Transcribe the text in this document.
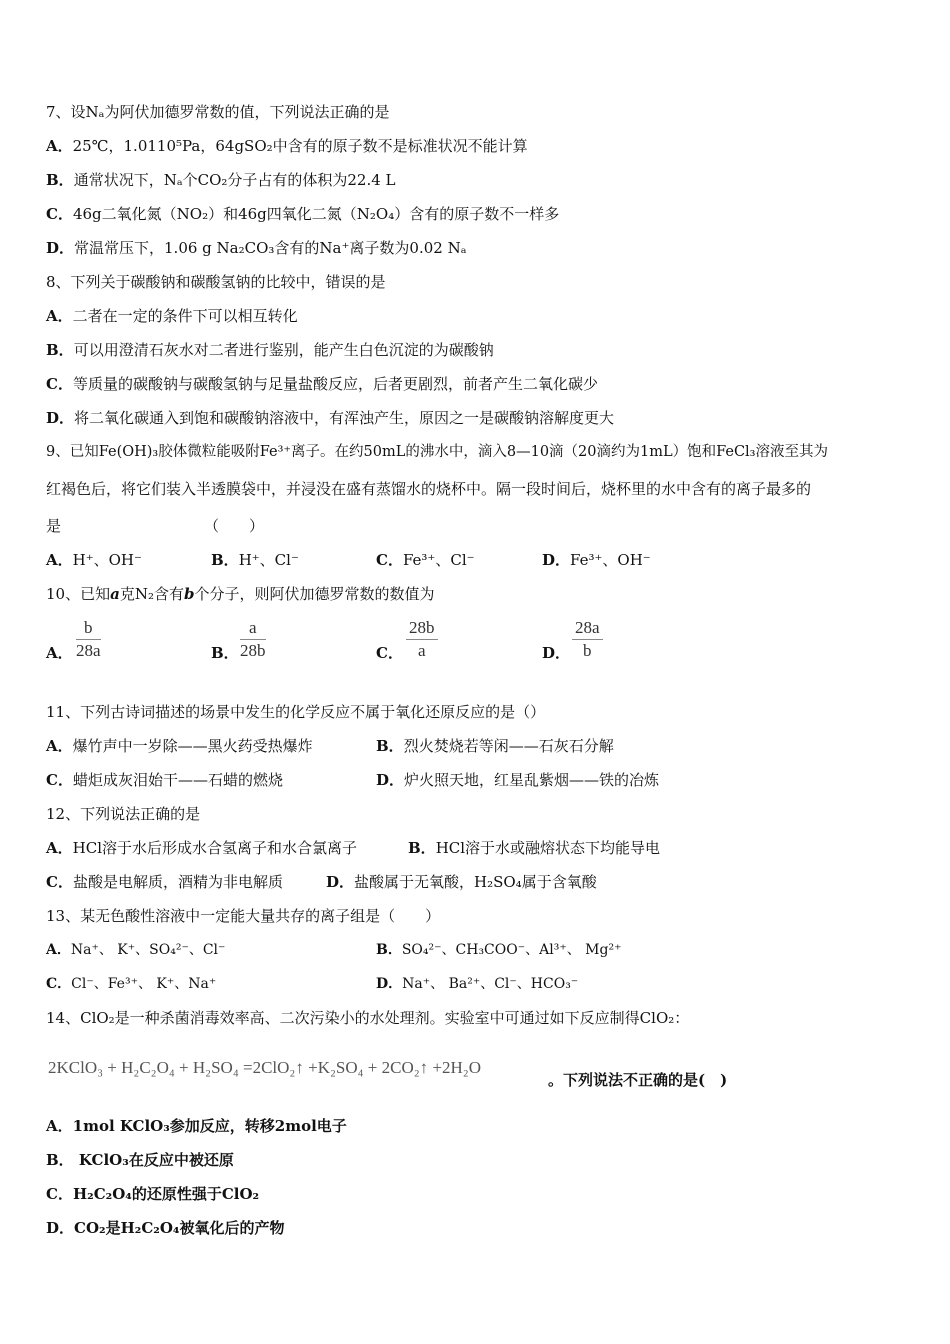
7、设Nₐ为阿伏加德罗常数的值，下列说法正确的是
A．25℃，1.0110⁵Pa，64gSO₂中含有的原子数不是标准状况不能计算
B．通常状况下，Nₐ个CO₂分子占有的体积为22.4 L
C．46g二氧化氮（NO₂）和46g四氧化二氮（N₂O₄）含有的原子数不一样多
D．常温常压下，1.06 g Na₂CO₃含有的Na⁺离子数为0.02 Nₐ
8、下列关于碳酸钠和碳酸氢钠的比较中，错误的是
A．二者在一定的条件下可以相互转化
B．可以用澄清石灰水对二者进行鉴别，能产生白色沉淀的为碳酸钠
C．等质量的碳酸钠与碳酸氢钠与足量盐酸反应，后者更剧烈，前者产生二氧化碳少
D．将二氧化碳通入到饱和碳酸钠溶液中，有浑浊产生，原因之一是碳酸钠溶解度更大
9、已知Fe(OH)₃胶体微粒能吸附Fe³⁺离子。在约50mL的沸水中，滴入8—10滴（20滴约为1mL）饱和FeCl₃溶液至其为
红褐色后，将它们装入半透膜袋中，并浸没在盛有蒸馏水的烧杯中。隔一段时间后，烧杯里的水中含有的离子最多的
是	（　　）
A．H⁺、OH⁻	B．H⁺、Cl⁻	C．Fe³⁺、Cl⁻	D．Fe³⁺、OH⁻
10、已知a克N₂含有b个分子，则阿伏加德罗常数的数值为
A． $\frac{b}{28a}$	B． $\frac{a}{28b}$	C． $\frac{28b}{a}$	D． $\frac{28a}{b}$
11、下列古诗词描述的场景中发生的化学反应不属于氧化还原反应的是（）
A．爆竹声中一岁除——黑火药受热爆炸	B．烈火焚烧若等闲——石灰石分解
C．蜡炬成灰泪始干——石蜡的燃烧	D．炉火照天地，红星乱紫烟——铁的冶炼
12、下列说法正确的是
A．HCl溶于水后形成水合氢离子和水合氯离子	B．HCl溶于水或融熔状态下均能导电
C．盐酸是电解质，酒精为非电解质	D．盐酸属于无氧酸，H₂SO₄属于含氧酸
13、某无色酸性溶液中一定能大量共存的离子组是（　　）
A．Na⁺、 K⁺、SO₄²⁻、Cl⁻	B．SO₄²⁻、CH₃COO⁻、Al³⁺、 Mg²⁺
C．Cl⁻、Fe³⁺、 K⁺、Na⁺	D．Na⁺、 Ba²⁺、Cl⁻、HCO₃⁻
14、ClO₂是一种杀菌消毒效率高、二次污染小的水处理剂。实验室中可通过如下反应制得ClO₂：
2KClO₃ + H₂C₂O₄ + H₂SO₄ =2ClO₂↑ +K₂SO₄ + 2CO₂↑ +2H₂O
。下列说法不正确的是(　)
A．1mol KClO₃参加反应，转移2mol电子
B． KClO₃在反应中被还原
C．H₂C₂O₄的还原性强于ClO₂
D．CO₂是H₂C₂O₄被氧化后的产物
